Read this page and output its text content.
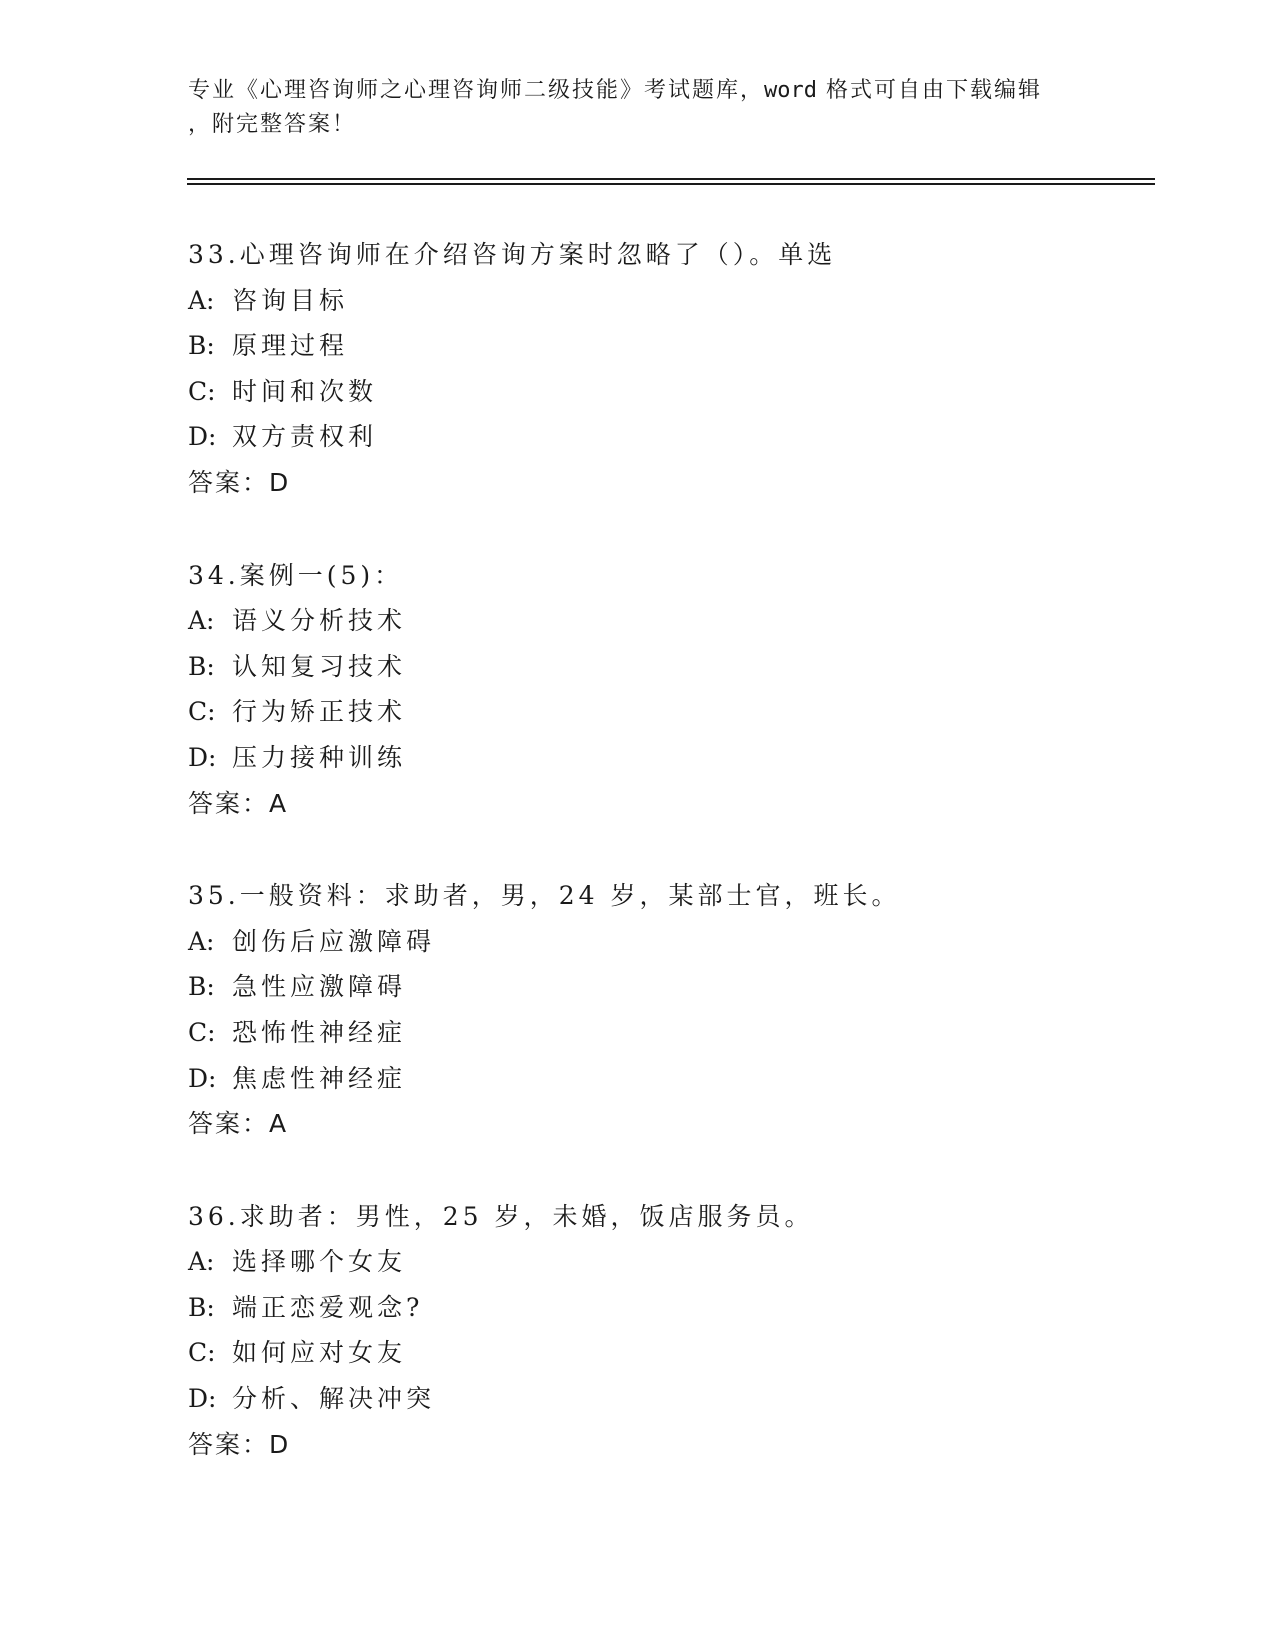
专业《心理咨询师之心理咨询师二级技能》考试题库，word 格式可自由下载编辑
，附完整答案！
33.心理咨询师在介绍咨询方案时忽略了（）。单选
A: 咨询目标
B: 原理过程
C: 时间和次数
D: 双方责权利
答案：D
34.案例一(5)：
A: 语义分析技术
B: 认知复习技术
C: 行为矫正技术
D: 压力接种训练
答案：A
35.一般资料：求助者，男，24 岁，某部士官，班长。
A: 创伤后应激障碍
B: 急性应激障碍
C: 恐怖性神经症
D: 焦虑性神经症
答案：A
36.求助者：男性，25 岁，未婚，饭店服务员。
A: 选择哪个女友
B: 端正恋爱观念?
C: 如何应对女友
D: 分析、解决冲突
答案：D
